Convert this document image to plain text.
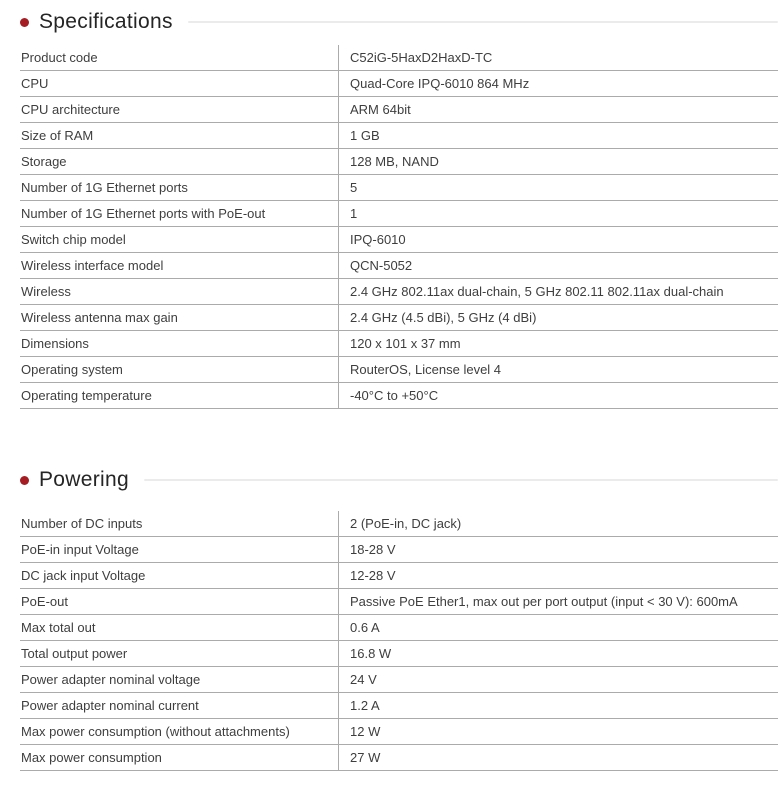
Specifications
Product code	C52iG-5HaxD2HaxD-TC
CPU	Quad-Core IPQ-6010 864 MHz
CPU architecture	ARM 64bit
Size of RAM	1 GB
Storage	128 MB, NAND
Number of 1G Ethernet ports	5
Number of 1G Ethernet ports with PoE-out	1
Switch chip model	IPQ-6010
Wireless interface model	QCN-5052
Wireless	2.4 GHz 802.11ax dual-chain, 5 GHz 802.11 802.11ax dual-chain
Wireless antenna max gain	2.4 GHz (4.5 dBi), 5 GHz (4 dBi)
Dimensions	120 x 101 x 37 mm
Operating system	RouterOS, License level 4
Operating temperature	-40°C to +50°C
Powering
Number of DC inputs	2 (PoE-in, DC jack)
PoE-in input Voltage	18-28 V
DC jack input Voltage	12-28 V
PoE-out	Passive PoE Ether1, max out per port output (input < 30 V): 600mA
Max total out	0.6 A
Total output power	16.8 W
Power adapter nominal voltage	24 V
Power adapter nominal current	1.2 A
Max power consumption (without attachments)	12 W
Max power consumption	27 W
